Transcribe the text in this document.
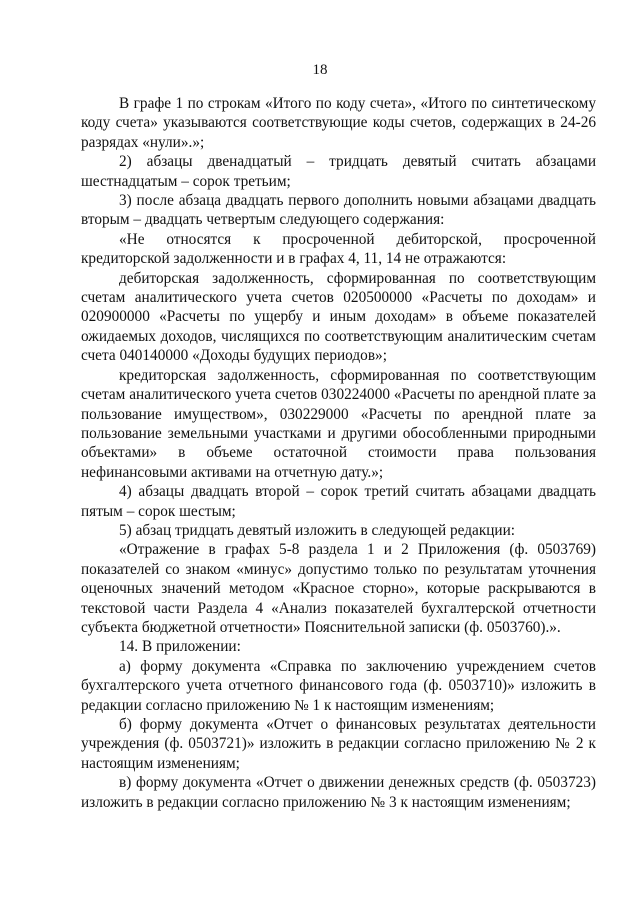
18

В графе 1 по строкам «Итого по коду счета», «Итого по синтетическому коду счета» указываются соответствующие коды счетов, содержащих в 24-26 разрядах «нули».»;

2) абзацы двенадцатый – тридцать девятый считать абзацами шестнадцатым – сорок третьим;

3) после абзаца двадцать первого дополнить новыми абзацами двадцать вторым – двадцать четвертым следующего содержания:

«Не относятся к просроченной дебиторской, просроченной кредиторской задолженности и в графах 4, 11, 14 не отражаются:

дебиторская задолженность, сформированная по соответствующим счетам аналитического учета счетов 020500000 «Расчеты по доходам» и 020900000 «Расчеты по ущербу и иным доходам» в объеме показателей ожидаемых доходов, числящихся по соответствующим аналитическим счетам счета 040140000 «Доходы будущих периодов»;

кредиторская задолженность, сформированная по соответствующим счетам аналитического учета счетов 030224000 «Расчеты по арендной плате за пользование имуществом», 030229000 «Расчеты по арендной плате за пользование земельными участками и другими обособленными природными объектами» в объеме остаточной стоимости права пользования нефинансовыми активами на отчетную дату.»;

4) абзацы двадцать второй – сорок третий считать абзацами двадцать пятым – сорок шестым;

5) абзац тридцать девятый изложить в следующей редакции:

«Отражение в графах 5-8 раздела 1 и 2 Приложения (ф. 0503769) показателей со знаком «минус» допустимо только по результатам уточнения оценочных значений методом «Красное сторно», которые раскрываются в текстовой части Раздела 4 «Анализ показателей бухгалтерской отчетности субъекта бюджетной отчетности» Пояснительной записки (ф. 0503760).».

14. В приложении:

а) форму документа «Справка по заключению учреждением счетов бухгалтерского учета отчетного финансового года (ф. 0503710)» изложить в редакции согласно приложению № 1 к настоящим изменениям;

б) форму документа «Отчет о финансовых результатах деятельности учреждения (ф. 0503721)» изложить в редакции согласно приложению № 2 к настоящим изменениям;

в) форму документа «Отчет о движении денежных средств (ф. 0503723) изложить в редакции согласно приложению № 3 к настоящим изменениям;
